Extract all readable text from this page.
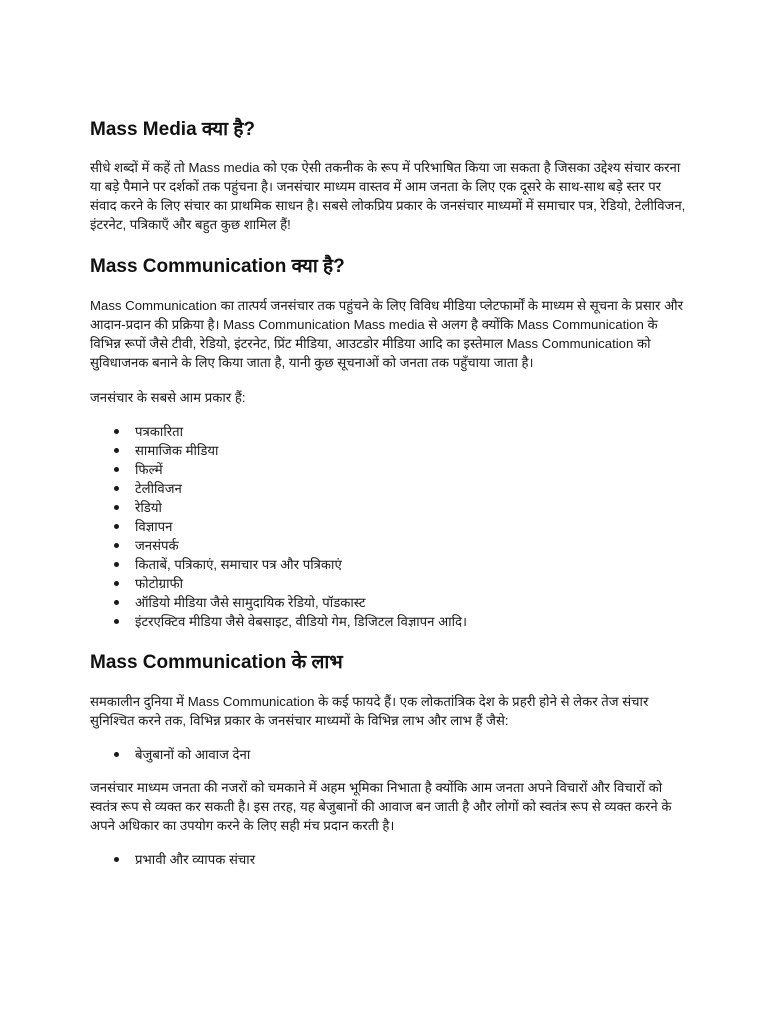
Mass Media क्या है?

सीधे शब्दों में कहें तो Mass media को एक ऐसी तकनीक के रूप में परिभाषित किया जा सकता है जिसका उद्देश्य संचार करना या बड़े पैमाने पर दर्शकों तक पहुंचना है। जनसंचार माध्यम वास्तव में आम जनता के लिए एक दूसरे के साथ-साथ बड़े स्तर पर संवाद करने के लिए संचार का प्राथमिक साधन है। सबसे लोकप्रिय प्रकार के जनसंचार माध्यमों में समाचार पत्र, रेडियो, टेलीविजन, इंटरनेट, पत्रिकाएँ और बहुत कुछ शामिल हैं!

Mass Communication क्या है?

Mass Communication का तात्पर्य जनसंचार तक पहुंचने के लिए विविध मीडिया प्लेटफार्मों के माध्यम से सूचना के प्रसार और आदान-प्रदान की प्रक्रिया है। Mass Communication Mass media से अलग है क्योंकि Mass Communication के विभिन्न रूपों जैसे टीवी, रेडियो, इंटरनेट, प्रिंट मीडिया, आउटडोर मीडिया आदि का इस्तेमाल Mass Communication को सुविधाजनक बनाने के लिए किया जाता है, यानी कुछ सूचनाओं को जनता तक पहुँचाया जाता है।

जनसंचार के सबसे आम प्रकार हैं:

पत्रकारिता
सामाजिक मीडिया
फिल्में
टेलीविजन
रेडियो
विज्ञापन
जनसंपर्क
किताबें, पत्रिकाएं, समाचार पत्र और पत्रिकाएं
फोटोग्राफी
ऑडियो मीडिया जैसे सामुदायिक रेडियो, पॉडकास्ट
इंटरएक्टिव मीडिया जैसे वेबसाइट, वीडियो गेम, डिजिटल विज्ञापन आदि।
Mass Communication के लाभ

समकालीन दुनिया में Mass Communication के कई फायदे हैं। एक लोकतांत्रिक देश के प्रहरी होने से लेकर तेज संचार सुनिश्चित करने तक, विभिन्न प्रकार के जनसंचार माध्यमों के विभिन्न लाभ और लाभ हैं जैसे:

बेजुबानों को आवाज देना

जनसंचार माध्यम जनता की नजरों को चमकाने में अहम भूमिका निभाता है क्योंकि आम जनता अपने विचारों और विचारों को स्वतंत्र रूप से व्यक्त कर सकती है। इस तरह, यह बेजुबानों की आवाज बन जाती है और लोगों को स्वतंत्र रूप से व्यक्त करने के अपने अधिकार का उपयोग करने के लिए सही मंच प्रदान करती है।

प्रभावी और व्यापक संचार
